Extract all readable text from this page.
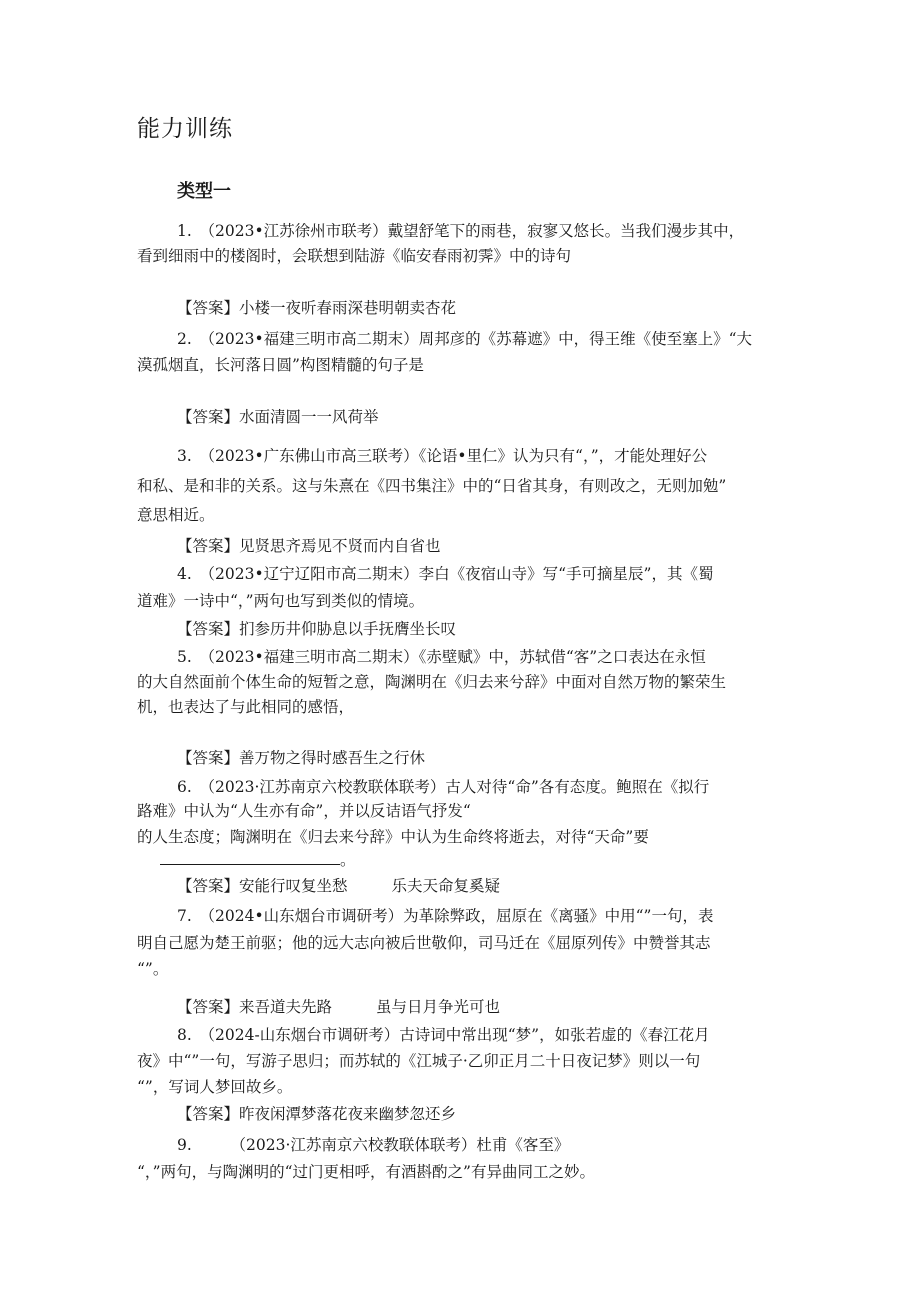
能力训练
类型一
1.　（2023•江苏徐州市联考）戴望舒笔下的雨巷，寂寥又悠长。当我们漫步其中，
看到细雨中的楼阁时，会联想到陆游《临安春雨初霁》中的诗句
【答案】小楼一夜听春雨深巷明朝卖杏花
2.　（2023•福建三明市高二期末）周邦彦的《苏幕遮》中，得王维《使至塞上》“大
漠孤烟直，长河落日圆”构图精髓的句子是
【答案】水面清圆一一风荷举
3.　（2023•广东佛山市高三联考）《论语•里仁》认为只有“，”，才能处理好公
和私、是和非的关系。这与朱熹在《四书集注》中的“日省其身，有则改之，无则加勉”
意思相近。
【答案】见贤思齐焉见不贤而内自省也
4.　（2023•辽宁辽阳市高二期末）李白《夜宿山寺》写“手可摘星辰”，其《蜀
道难》一诗中“，”两句也写到类似的情境。
【答案】扪参历井仰胁息以手抚膺坐长叹
5.　（2023•福建三明市高二期末）《赤壁赋》中，苏轼借“客”之口表达在永恒
的大自然面前个体生命的短暂之意，陶渊明在《归去来兮辞》中面对自然万物的繁荣生
机，也表达了与此相同的感悟，
【答案】善万物之得时感吾生之行休
6.　（2023·江苏南京六校教联体联考）古人对待“命”各有态度。鲍照在《拟行
路难》中认为“人生亦有命”，并以反诘语气抒发“
的人生态度；陶渊明在《归去来兮辞》中认为生命终将逝去，对待“天命”要
。
【答案】安能行叹复坐愁	乐夫天命复奚疑
7.　（2024•山东烟台市调研考）为革除弊政，屈原在《离骚》中用“”一句，表
明自己愿为楚王前驱；他的远大志向被后世敬仰，司马迁在《屈原列传》中赞誉其志
“”。
【答案】来吾道夫先路	虽与日月争光可也
8.　（2024-山东烟台市调研考）古诗词中常出现“梦”，如张若虚的《春江花月
夜》中“”一句，写游子思归；而苏轼的《江城子·乙卯正月二十日夜记梦》则以一句
“”，写词人梦回故乡。
【答案】昨夜闲潭梦落花夜来幽梦忽还乡
9.　　　（2023·江苏南京六校教联体联考）杜甫《客至》
“，”两句，与陶渊明的“过门更相呼，有酒斟酌之”有异曲同工之妙。
